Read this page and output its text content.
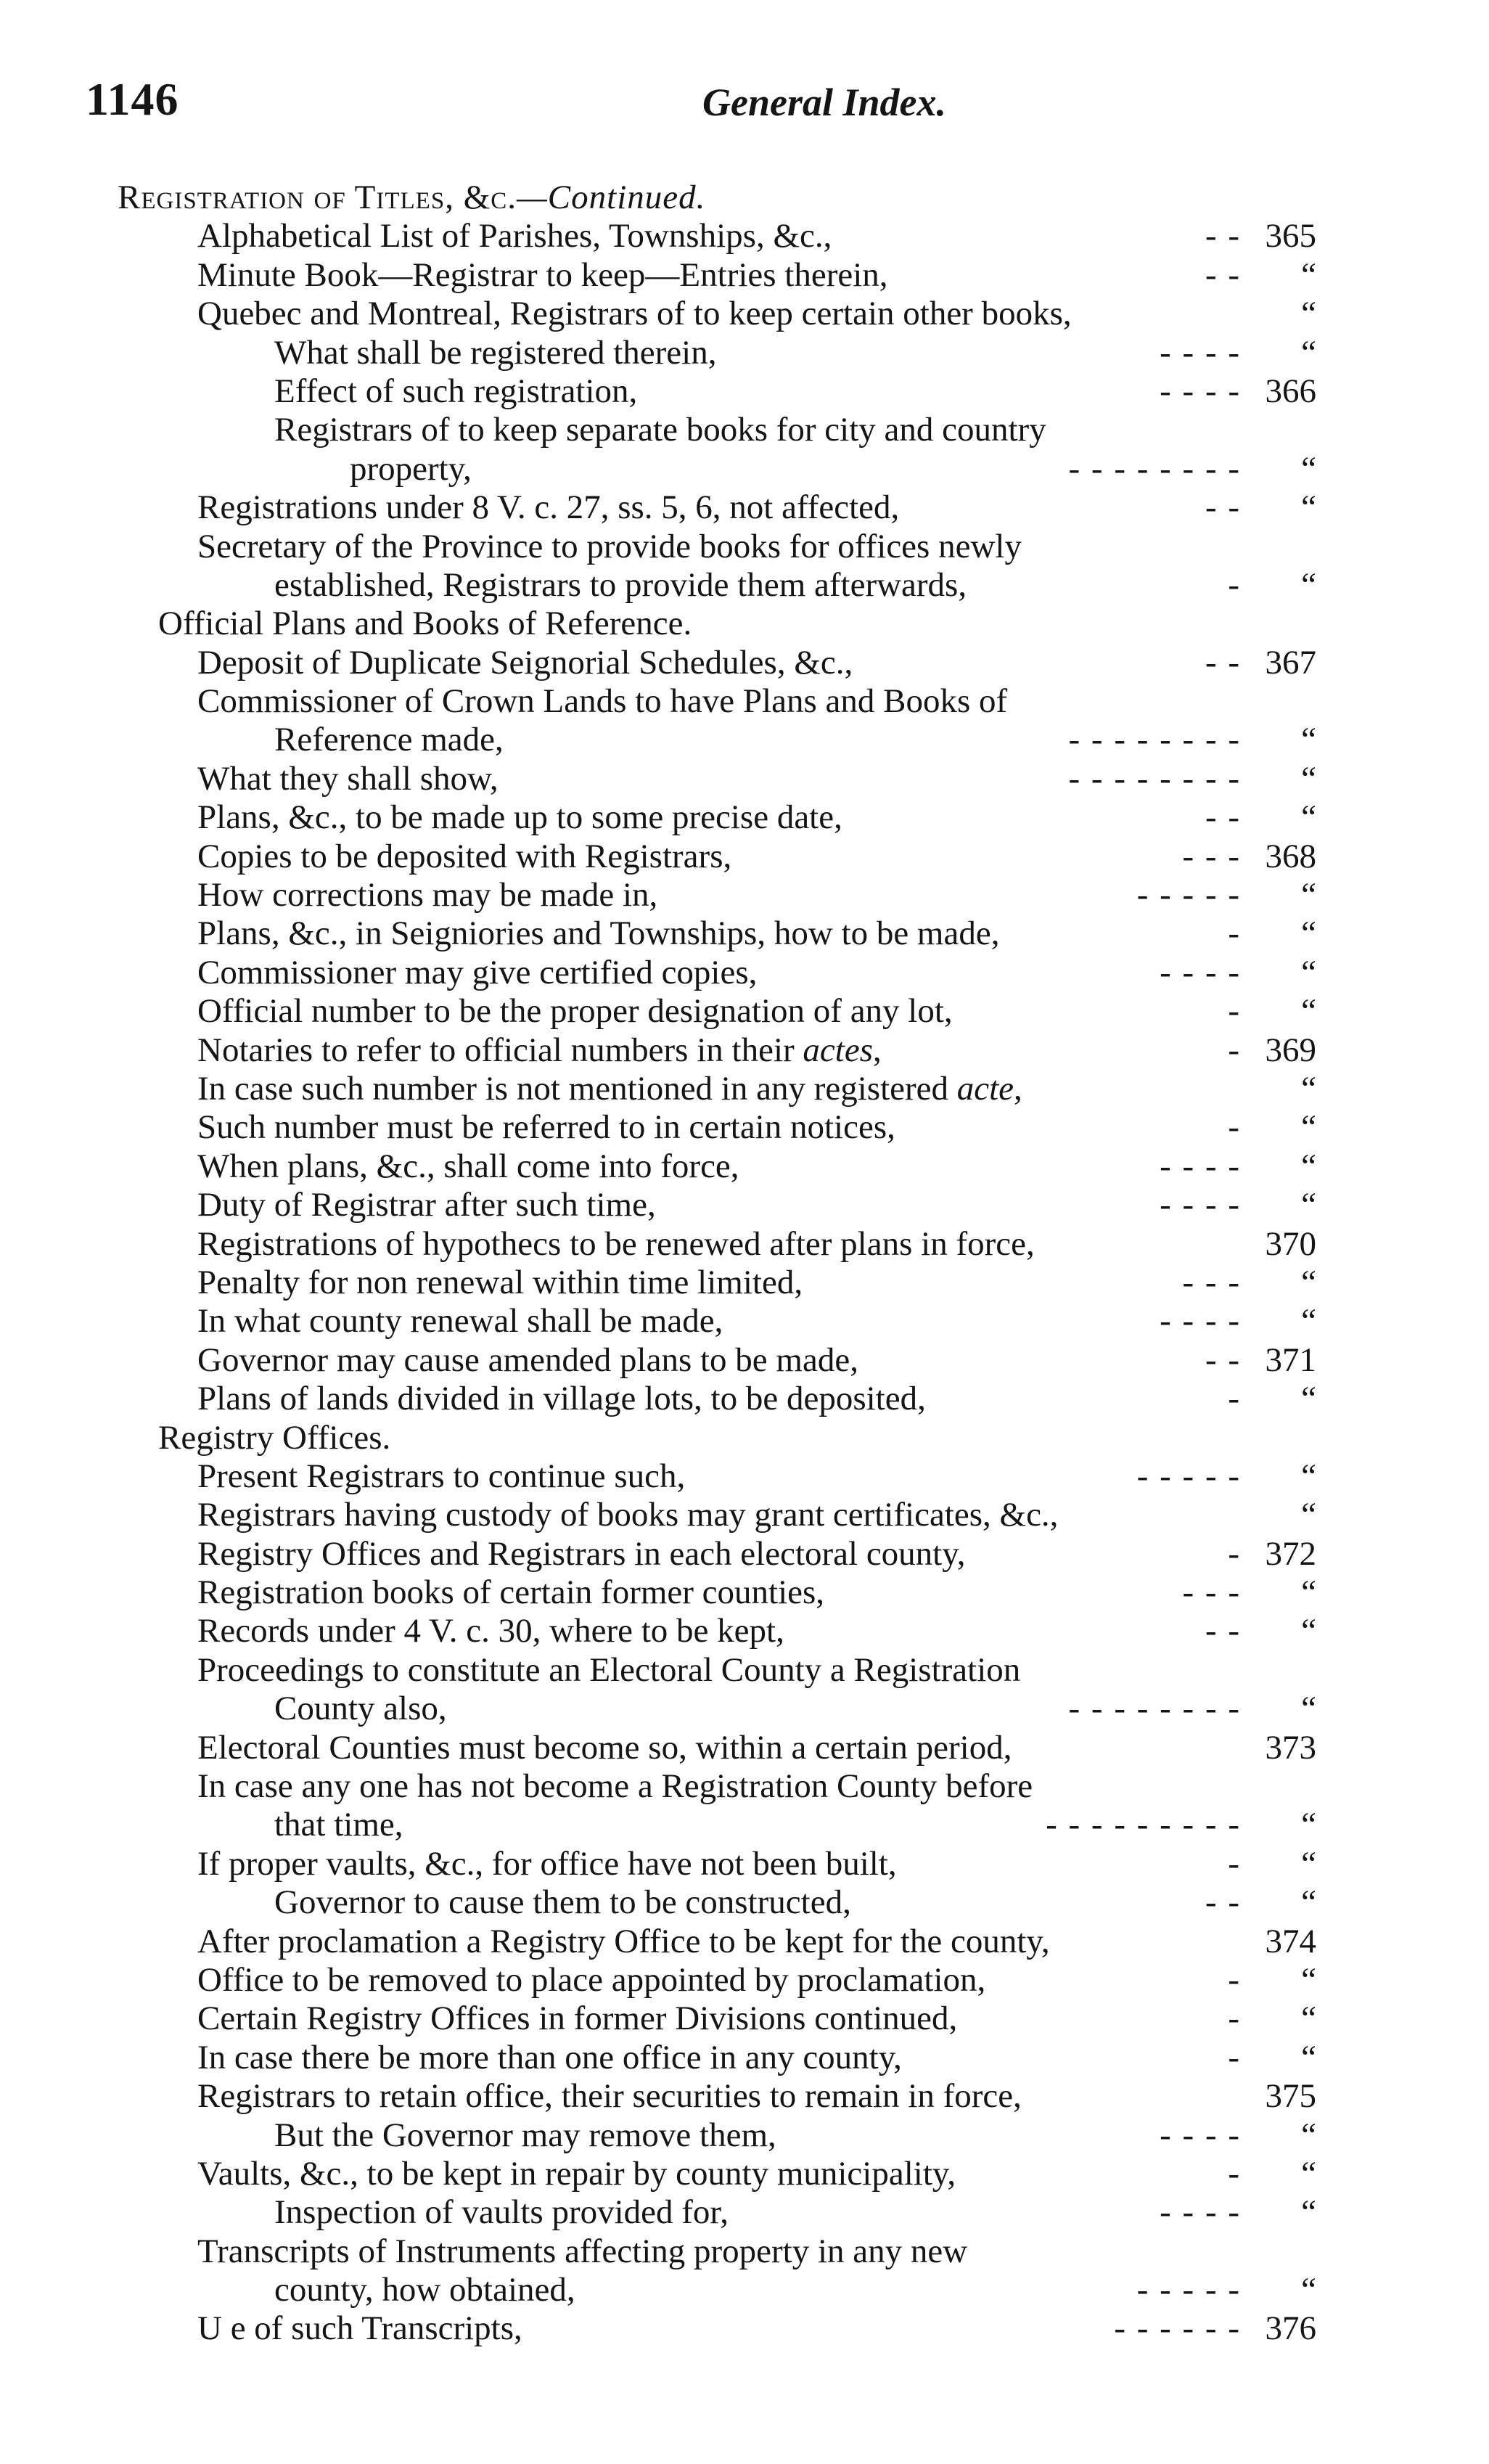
1146	General Index.
Registration of Titles, &c.—Continued.
Alphabetical List of Parishes, Townships, &c.,	- - 365
Minute Book—Registrar to keep—Entries therein,	- - “
Quebec and Montreal, Registrars of to keep certain other books,	“
What shall be registered therein,	- - - - “
Effect of such registration,	- - - - 366
Registrars of to keep separate books for city and country
property,	- - - - - - - - “
Registrations under 8 V. c. 27, ss. 5, 6, not affected,	- - “
Secretary of the Province to provide books for offices newly
established, Registrars to provide them afterwards,	- “
Official Plans and Books of Reference.
Deposit of Duplicate Seignorial Schedules, &c.,	- - 367
Commissioner of Crown Lands to have Plans and Books of
Reference made,	- - - - - - - - “
What they shall show,	- - - - - - - - “
Plans, &c., to be made up to some precise date,	- - “
Copies to be deposited with Registrars,	- - - 368
How corrections may be made in,	- - - - - “
Plans, &c., in Seigniories and Townships, how to be made,	- “
Commissioner may give certified copies,	- - - - “
Official number to be the proper designation of any lot,	- “
Notaries to refer to official numbers in their actes,	- 369
In case such number is not mentioned in any registered acte,	“
Such number must be referred to in certain notices,	- “
When plans, &c., shall come into force,	- - - - “
Duty of Registrar after such time,	- - - - “
Registrations of hypothecs to be renewed after plans in force,	370
Penalty for non renewal within time limited,	- - - “
In what county renewal shall be made,	- - - - “
Governor may cause amended plans to be made,	- - 371
Plans of lands divided in village lots, to be deposited,	- “
Registry Offices.
Present Registrars to continue such,	- - - - - “
Registrars having custody of books may grant certificates, &c.,	“
Registry Offices and Registrars in each electoral county,	- 372
Registration books of certain former counties,	- - - “
Records under 4 V. c. 30, where to be kept,	- - “
Proceedings to constitute an Electoral County a Registration
County also,	- - - - - - - - “
Electoral Counties must become so, within a certain period,	373
In case any one has not become a Registration County before
that time,	- - - - - - - - - “
If proper vaults, &c., for office have not been built,	- “
Governor to cause them to be constructed,	- - “
After proclamation a Registry Office to be kept for the county,	374
Office to be removed to place appointed by proclamation,	- “
Certain Registry Offices in former Divisions continued,	- “
In case there be more than one office in any county,	- “
Registrars to retain office, their securities to remain in force,	375
But the Governor may remove them,	- - - - “
Vaults, &c., to be kept in repair by county municipality,	- “
Inspection of vaults provided for,	- - - - “
Transcripts of Instruments affecting property in any new
county, how obtained,	- - - - - “
U e of such Transcripts,	- - - - - - 376
